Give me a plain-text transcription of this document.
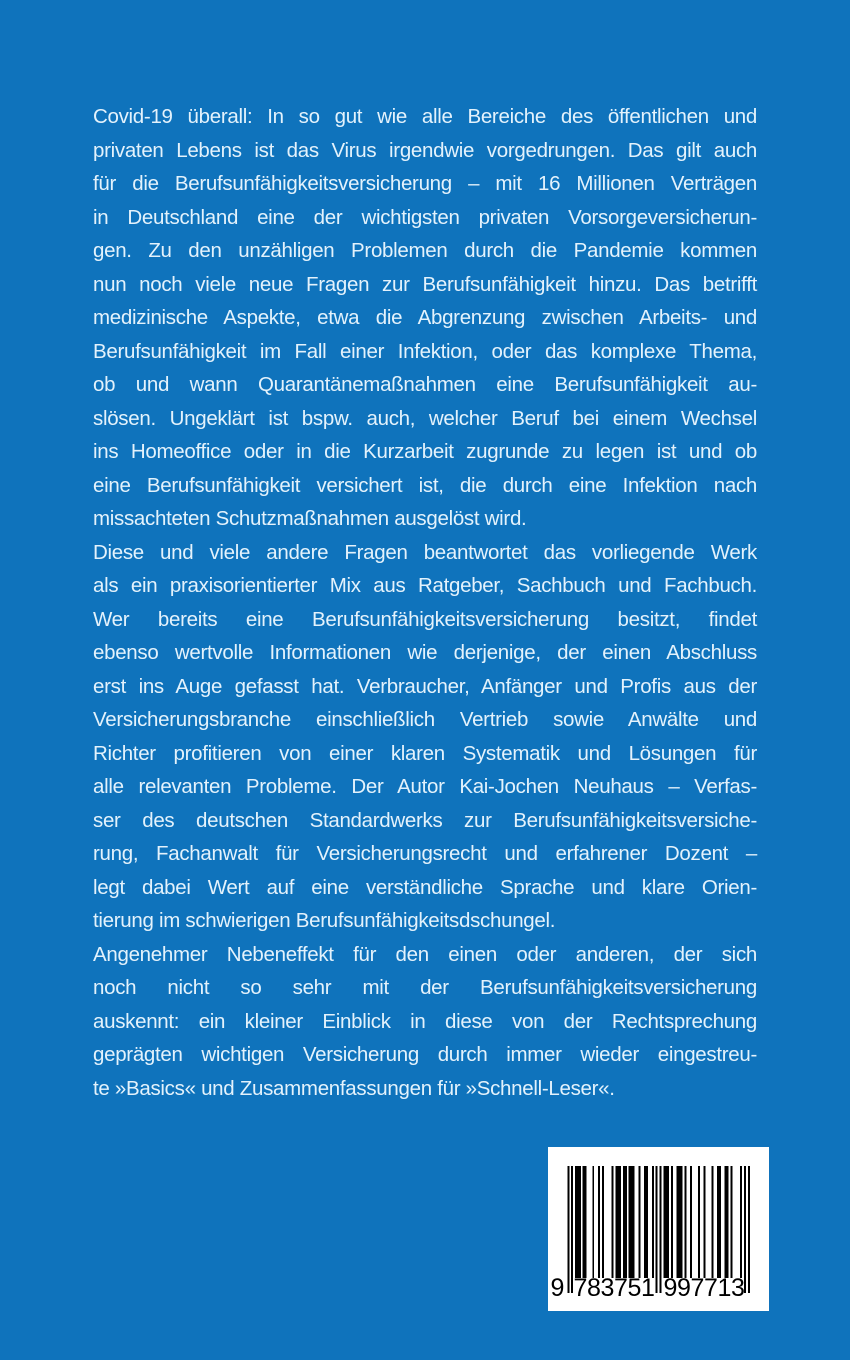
Covid-19 überall: In so gut wie alle Bereiche des öffentlichen und
privaten Lebens ist das Virus irgendwie vorgedrungen. Das gilt auch
für die Berufsunfähigkeitsversicherung – mit 16 Millionen Verträgen
in Deutschland eine der wichtigsten privaten Vorsorgeversicherun-
gen. Zu den unzähligen Problemen durch die Pandemie kommen
nun noch viele neue Fragen zur Berufsunfähigkeit hinzu. Das betrifft
medizinische Aspekte, etwa die Abgrenzung zwischen Arbeits- und
Berufsunfähigkeit im Fall einer Infektion, oder das komplexe Thema,
ob und wann Quarantänemaßnahmen eine Berufsunfähigkeit au-
slösen. Ungeklärt ist bspw. auch, welcher Beruf bei einem Wechsel
ins Homeoffice oder in die Kurzarbeit zugrunde zu legen ist und ob
eine Berufsunfähigkeit versichert ist, die durch eine Infektion nach
missachteten Schutzmaßnahmen ausgelöst wird.
Diese und viele andere Fragen beantwortet das vorliegende Werk
als ein praxisorientierter Mix aus Ratgeber, Sachbuch und Fachbuch.
Wer bereits eine Berufsunfähigkeitsversicherung besitzt, findet
ebenso wertvolle Informationen wie derjenige, der einen Abschluss
erst ins Auge gefasst hat. Verbraucher, Anfänger und Profis aus der
Versicherungsbranche einschließlich Vertrieb sowie Anwälte und
Richter profitieren von einer klaren Systematik und Lösungen für
alle relevanten Probleme. Der Autor Kai-Jochen Neuhaus – Verfas-
ser des deutschen Standardwerks zur Berufsunfähigkeitsversiche-
rung, Fachanwalt für Versicherungsrecht und erfahrener Dozent –
legt dabei Wert auf eine verständliche Sprache und klare Orien-
tierung im schwierigen Berufsunfähigkeitsdschungel.
Angenehmer Nebeneffekt für den einen oder anderen, der sich
noch nicht so sehr mit der Berufsunfähigkeitsversicherung
auskennt: ein kleiner Einblick in diese von der Rechtsprechung
geprägten wichtigen Versicherung durch immer wieder eingestreu-
te »Basics« und Zusammenfassungen für »Schnell-Leser«.
9 783751 997713
